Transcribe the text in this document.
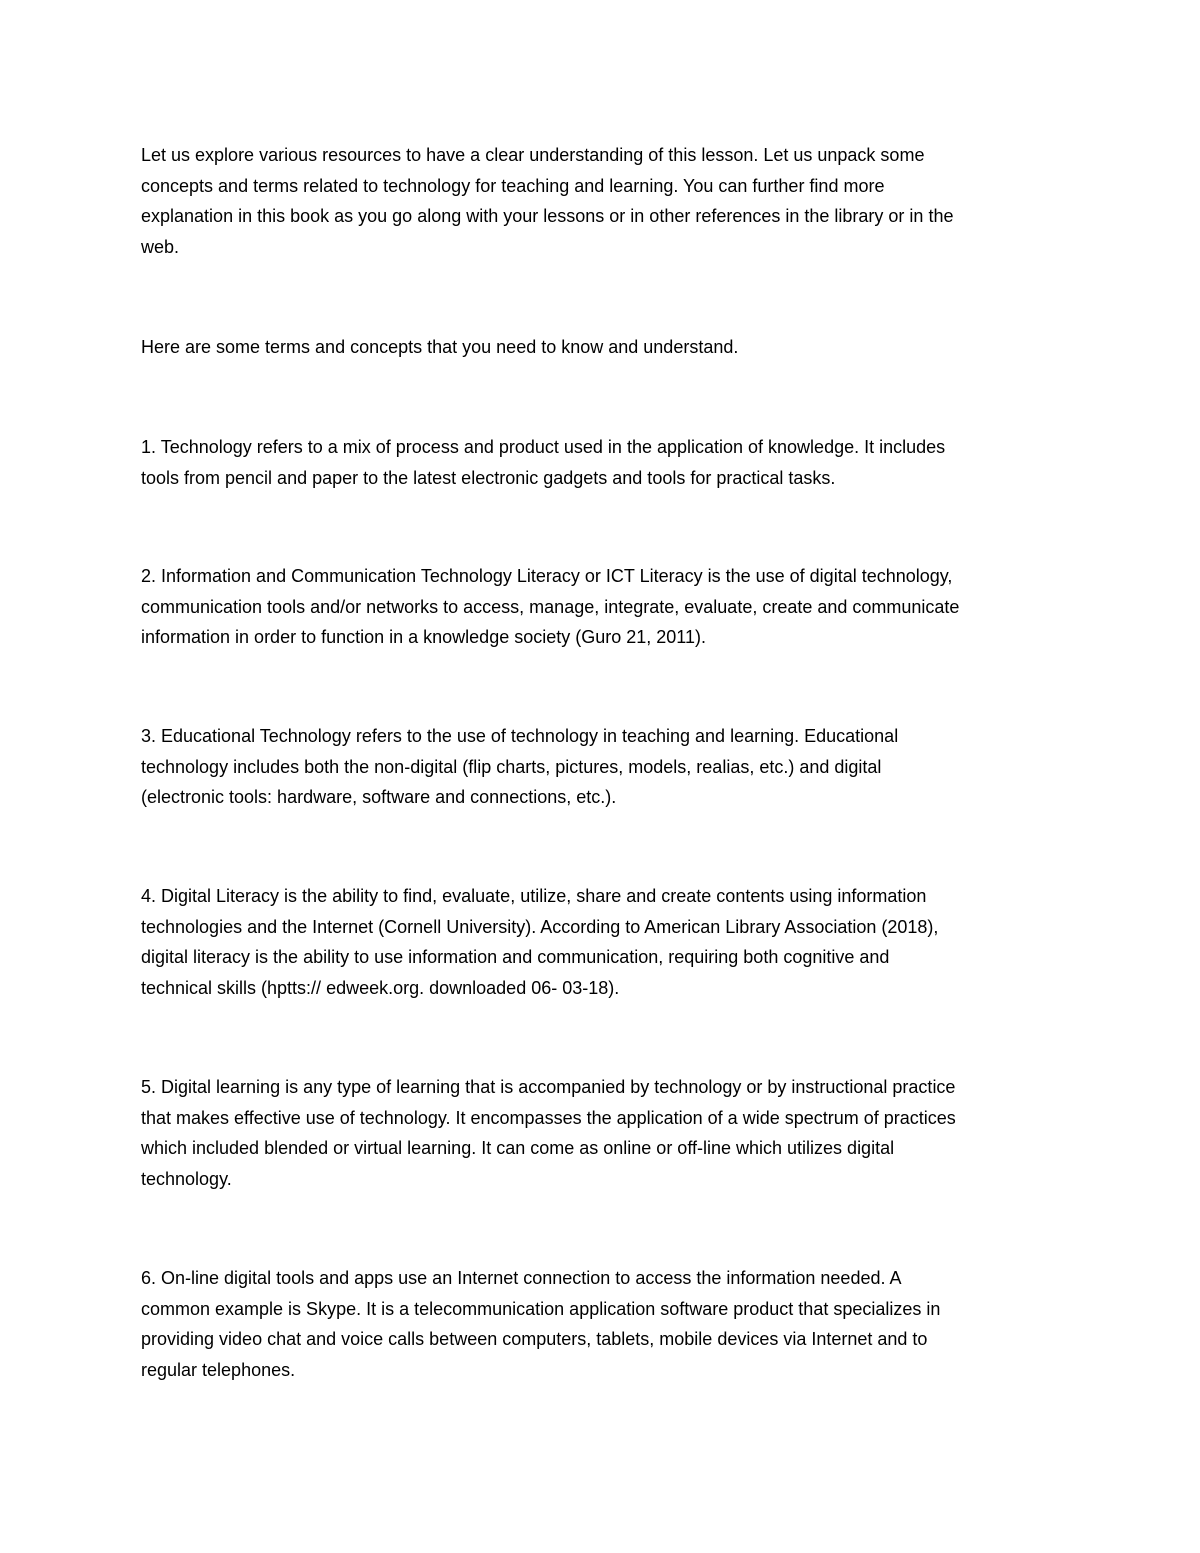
Let us explore various resources to have a clear understanding of this lesson. Let us unpack some
concepts and terms related to technology for teaching and learning. You can further find more
explanation in this book as you go along with your lessons or in other references in the library or in the
web.
Here are some terms and concepts that you need to know and understand.
1. Technology refers to a mix of process and product used in the application of knowledge. It includes
tools from pencil and paper to the latest electronic gadgets and tools for practical tasks.
2. Information and Communication Technology Literacy or ICT Literacy is the use of digital technology,
communication tools and/or networks to access, manage, integrate, evaluate, create and communicate
information in order to function in a knowledge society (Guro 21, 2011).
3. Educational Technology refers to the use of technology in teaching and learning. Educational
technology includes both the non-digital (flip charts, pictures, models, realias, etc.) and digital
(electronic tools: hardware, software and connections, etc.).
4. Digital Literacy is the ability to find, evaluate, utilize, share and create contents using information
technologies and the Internet (Cornell University). According to American Library Association (2018),
digital literacy is the ability to use information and communication, requiring both cognitive and
technical skills (hptts:// edweek.org. downloaded 06- 03-18).
5. Digital learning is any type of learning that is accompanied by technology or by instructional practice
that makes effective use of technology. It encompasses the application of a wide spectrum of practices
which included blended or virtual learning. It can come as online or off-line which utilizes digital
technology.
6. On-line digital tools and apps use an Internet connection to access the information needed. A
common example is Skype. It is a telecommunication application software product that specializes in
providing video chat and voice calls between computers, tablets, mobile devices via Internet and to
regular telephones.
